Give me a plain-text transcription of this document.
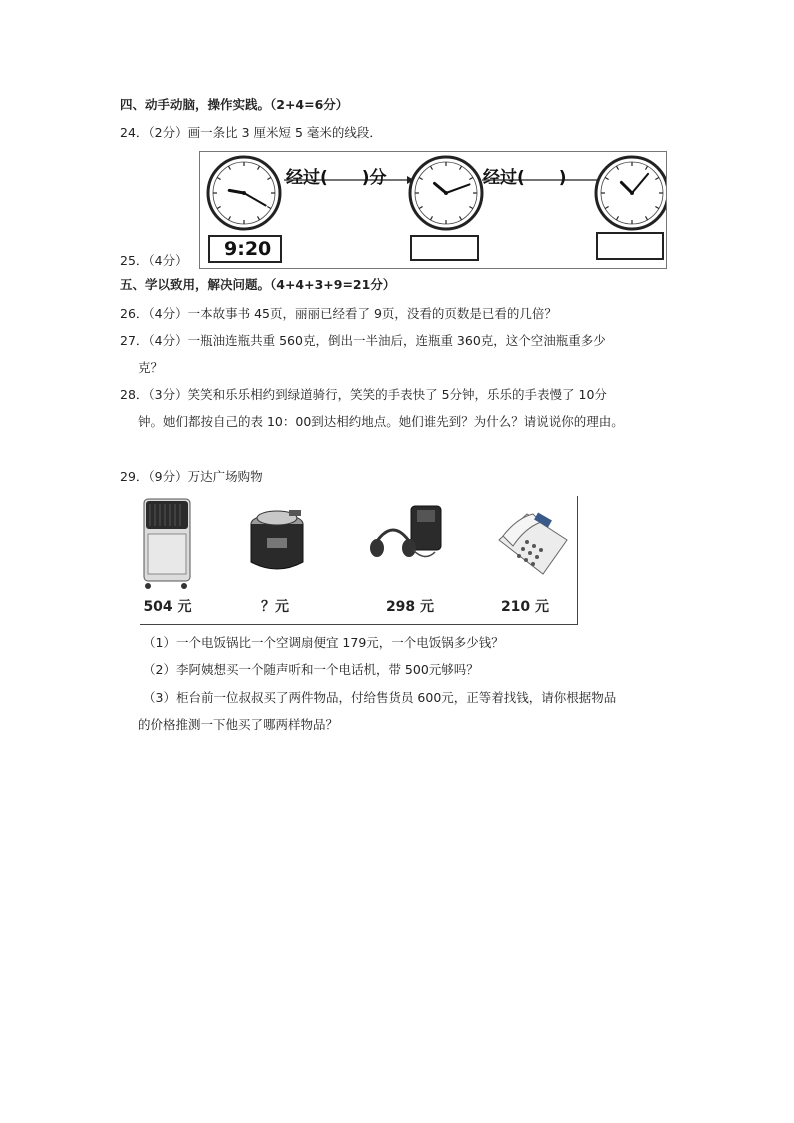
四、动手动脑，操作实践。（2+4=6分）
24．（2分）画一条比 3 厘米短 5 毫米的线段．
经过(　　)分	经过(　　)
9:20
25．（4分）
五、学以致用，解决问题。（4+4+3+9=21分）
26．（4分）一本故事书 45页，丽丽已经看了 9页，没看的页数是已看的几倍？
27．（4分）一瓶油连瓶共重 560克，倒出一半油后，连瓶重 360克，这个空油瓶重多少
克？
28．（3分）笑笑和乐乐相约到绿道骑行，笑笑的手表快了 5分钟，乐乐的手表慢了 10分
钟。她们都按自己的表 10：00到达相约地点。她们谁先到？为什么？请说说你的理由。
29．（9分）万达广场购物
504 元	？元	298 元	210 元
（1）一个电饭锅比一个空调扇便宜 179元，一个电饭锅多少钱？
（2）李阿姨想买一个随声听和一个电话机，带 500元够吗？
（3）柜台前一位叔叔买了两件物品，付给售货员 600元，正等着找钱，请你根据物品
的价格推测一下他买了哪两样物品？
